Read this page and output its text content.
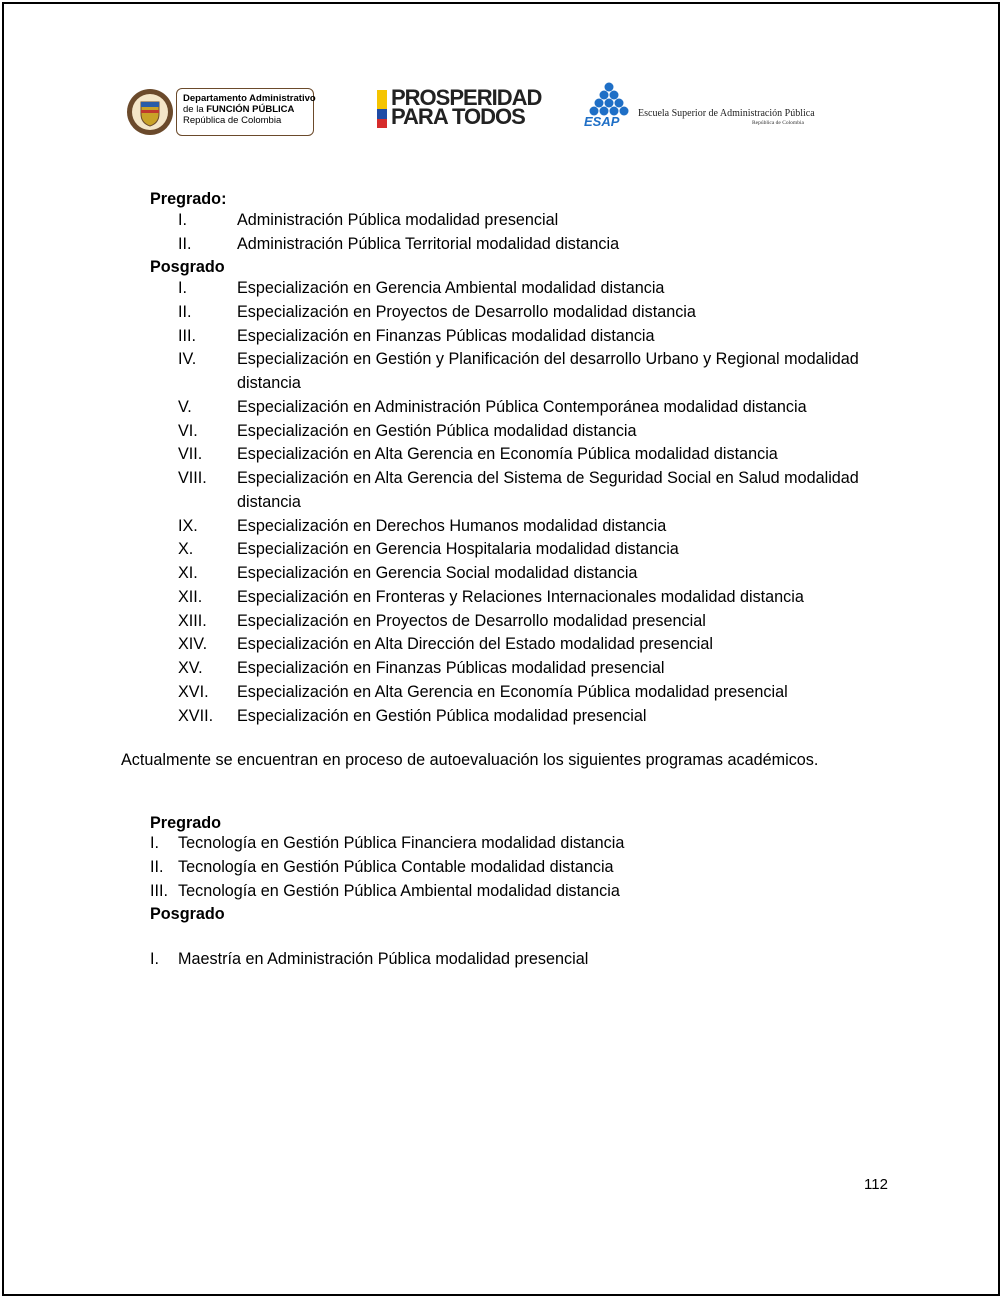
Departamento Administrativo
de la FUNCIÓN PÚBLICA
República de Colombia
PROSPERIDAD
PARA TODOS	ESAP
Escuela Superior de Administración Pública
República de Colombia
Pregrado:
I.	Administración Pública modalidad presencial
II.	Administración Pública Territorial modalidad distancia
Posgrado
I.	Especialización en Gerencia Ambiental modalidad distancia
II.	Especialización en Proyectos de Desarrollo modalidad distancia
III.	Especialización en Finanzas Públicas modalidad distancia
IV.	Especialización en Gestión y Planificación del desarrollo Urbano y Regional modalidad distancia
V.	Especialización en Administración Pública Contemporánea modalidad distancia
VI. Especialización en Gestión Pública modalidad distancia
VII. Especialización en Alta Gerencia en Economía Pública modalidad distancia
VIII. Especialización en Alta Gerencia del Sistema de Seguridad Social en Salud modalidad distancia
IX. Especialización en Derechos Humanos modalidad distancia
X.	Especialización en Gerencia Hospitalaria modalidad distancia
XI. Especialización en Gerencia Social modalidad distancia
XII. Especialización en Fronteras y Relaciones Internacionales modalidad distancia
XIII. Especialización en Proyectos de Desarrollo modalidad presencial
XIV. Especialización en Alta Dirección del Estado modalidad presencial
XV. Especialización en Finanzas Públicas modalidad presencial
XVI. Especialización en Alta Gerencia en Economía Pública modalidad presencial
XVII. Especialización en Gestión Pública modalidad presencial
Actualmente se encuentran en proceso de autoevaluación los siguientes programas académicos.
Pregrado
I. Tecnología en Gestión Pública Financiera modalidad distancia
II. Tecnología en Gestión Pública Contable modalidad distancia
III. Tecnología en Gestión Pública Ambiental modalidad distancia
Posgrado
I. Maestría en Administración Pública modalidad presencial
112
